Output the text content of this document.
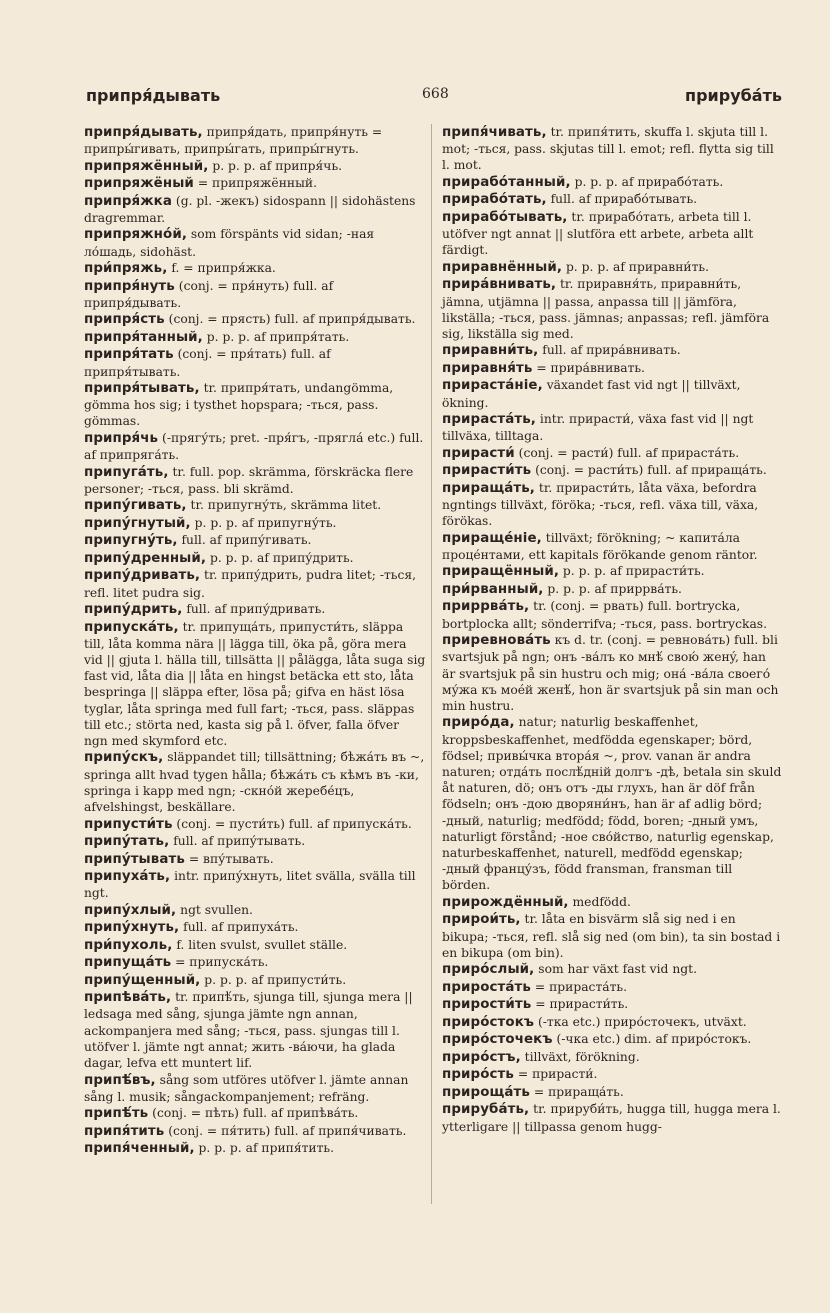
припря́дывать	668	прируба́ть
припря́дывать, припря́дать, припря́нуть = припры́гивать, припры́гать, припры́гнуть.
припряжённый, p. p. p. af припря́чь.
припряжёный = припряжённый.
припря́жка (g. pl. -жекъ) sidospann || sidohästens dragremmar.
припряжно́й, som förspänts vid sidan; -ная ло́шадь, sidohäst.
при́пряжь, f. = припря́жка.
припря́нуть (conj. = пря́нуть) full. af припря́дывать.
припря́сть (conj. = прясть) full. af припря́дывать.
припря́танный, p. p. p. af припря́тать.
припря́тать (conj. = пря́тать) full. af припря́тывать.
припря́тывать, tr. припря́тать, undangömma, gömma hos sig; i tysthet hopspara; -ться, pass. gömmas.
припря́чь (-прягу́ть; pret. -пря́гъ, -прягла́ etc.) full. af припряга́ть.
припуга́ть, tr. full. pop. skrämma, förskräcka flere personer; -ться, pass. bli skrämd.
припу́гивать, tr. припугну́ть, skrämma litet.
припу́гнутый, p. p. p. af припугну́ть.
припугну́ть, full. af припу́гивать.
припу́дренный, p. p. p. af припу́дрить.
припу́дривать, tr. припу́дрить, pudra litet; -ться, refl. litet pudra sig.
припу́дрить, full. af припу́дривать.
припуска́ть, tr. припуща́ть, припусти́ть, släppa till, låta komma nära || lägga till, öka på, göra mera vid || gjuta l. hälla till, tillsätta || pålägga, låta suga sig fast vid, låta dia || låta en hingst betäcka ett sto, låta bespringa || släppa efter, lösa på; gifva en häst lösa tyglar, låta springa med full fart; -ться, pass. släppas till etc.; störta ned, kasta sig på l. öfver, falla öfver ngn med skymford etc.
припу́скъ, släppandet till; tillsättning; бѣжа́ть въ ~, springa allt hvad tygen hålla; бѣжа́ть съ кѣмъ въ -ки, springa i kapp med ngn; -скно́й жеребе́цъ, afvelshingst, beskällare.
припусти́ть (conj. = пусти́ть) full. af припуска́ть.
припу́тать, full. af припу́тывать.
припу́тывать = впу́тывать.
припуха́ть, intr. припу́хнуть, litet svälla, svälla till ngt.
припу́хлый, ngt svullen.
припу́хнуть, full. af припуха́ть.
при́пухоль, f. liten svulst, svullet ställe.
припуща́ть = припуска́ть.
припу́щенный, p. p. p. af припусти́ть.
припѣва́ть, tr. припѣ́ть, sjunga till, sjunga mera || ledsaga med sång, sjunga jämte ngn annan, ackompanjera med sång; -ться, pass. sjungas till l. utöfver l. jämte ngt annat; жить -ва́ючи, ha glada dagar, lefva ett muntert lif.
припѣ́въ, sång som utföres utöfver l. jämte annan sång l. musik; sångackompanjement; refräng.
припѣ́ть (conj. = пѣть) full. af припѣва́ть.
припя́тить (conj. = пя́тить) full. af припя́чивать.
припя́ченный, p. p. p. af припя́тить.
припя́чивать, tr. припя́тить, skuffa l. skjuta till l. mot; -ться, pass. skjutas till l. emot; refl. flytta sig till l. mot.
прирабо́танный, p. p. p. af прирабо́тать.
прирабо́тать, full. af прирабо́тывать.
прирабо́тывать, tr. прирабо́тать, arbeta till l. utöfver ngt annat || slutföra ett arbete, arbeta allt färdigt.
приравнённый, p. p. p. af приравни́ть.
прира́внивать, tr. приравня́ть, приравни́ть, jämna, utjämna || passa, anpassa till || jämföra, likställa; -ться, pass. jämnas; anpassas; refl. jämföra sig, likställa sig med.
приравни́ть, full. af прира́внивать.
приравня́ть = прира́внивать.
прираста́ніе, växandet fast vid ngt || tillväxt, ökning.
прираста́ть, intr. прирасти́, växa fast vid || ngt tillväxa, tilltaga.
прирасти́ (conj. = расти́) full. af прираста́ть.
прирасти́ть (conj. = расти́ть) full. af прираща́ть.
прираща́ть, tr. прирасти́ть, låta växa, befordra ngntings tillväxt, föröka; -ться, refl. växa till, växa, förökas.
приращéніе, tillväxt; förökning; ~ капита́ла проце́нтами, ett kapitals förökande genom räntor.
приращённый, p. p. p. af прирасти́ть.
при́рванный, p. p. p. af приррва́ть.
приррва́ть, tr. (conj. = рвать) full. bortrycka, bortplocka allt; sönderrifva; -ться, pass. bortryckas.
приревнова́ть къ d. tr. (conj. = ревнова́ть) full. bli svartsjuk på ngn; онъ -ва́лъ ко мнѣ́ свою́ женý, han är svartsjuk på sin hustru och mig; она́ -ва́ла своего́ му́жа къ моéй женѣ́, hon är svartsjuk på sin man och min hustru.
приро́да, natur; naturlig beskaffenhet, kroppsbeskaffenhet, medfödda egenskaper; börd, födsel; привы́чка втора́я ~, prov. vanan är andra naturen; отда́ть послѣ́дній долгъ -дѣ, betala sin skuld åt naturen, dö; онъ отъ -ды глухъ, han är döf från födseln; онъ -дою дворяни́нъ, han är af adlig börd; -дный, naturlig; medfödd; född, boren; -дный умъ, naturligt förstånd; -ное сво́йство, naturlig egenskap, naturbeskaffenhet, naturell, medfödd egenskap; -дный францу́зъ, född fransman, fransman till börden.
прирождённый, medfödd.
прирои́ть, tr. låta en bisvärm slå sig ned i en bikupa; -ться, refl. slå sig ned (om bin), ta sin bostad i en bikupa (om bin).
приро́слый, som har växt fast vid ngt.
прироста́ть = прираста́ть.
прирости́ть = прирасти́ть.
приро́стокъ (-тка etc.) приро́сточекъ, utväxt.
приро́сточекъ (-чка etc.) dim. af приро́стокъ.
приро́стъ, tillväxt, förökning.
приро́сть = прирасти́.
прироща́ть = прираща́ть.
прируба́ть, tr. прируби́ть, hugga till, hugga mera l. ytterligare || tillpassa genom hugg-
